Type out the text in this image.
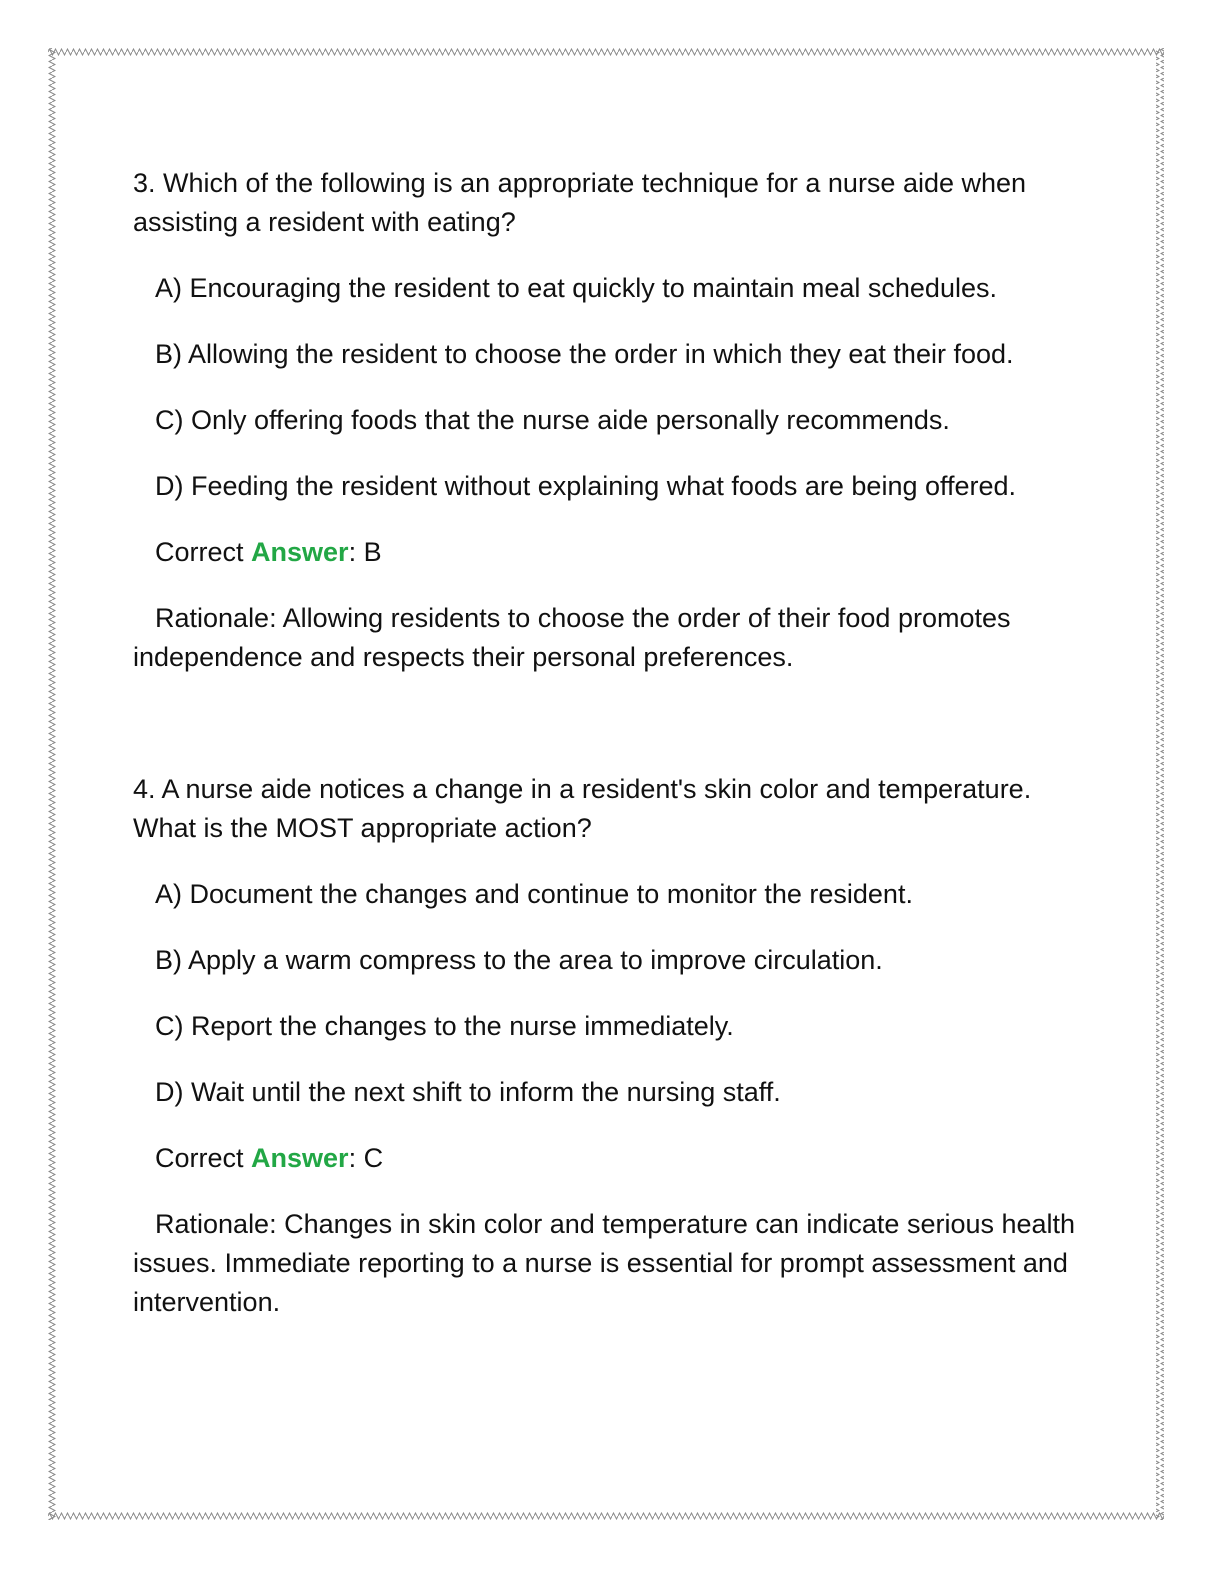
3. Which of the following is an appropriate technique for a nurse aide when assisting a resident with eating?

A) Encouraging the resident to eat quickly to maintain meal schedules.

B) Allowing the resident to choose the order in which they eat their food.

C) Only offering foods that the nurse aide personally recommends.

D) Feeding the resident without explaining what foods are being offered.

Correct Answer: B

Rationale: Allowing residents to choose the order of their food promotes independence and respects their personal preferences.

4. A nurse aide notices a change in a resident's skin color and temperature. What is the MOST appropriate action?

A) Document the changes and continue to monitor the resident.

B) Apply a warm compress to the area to improve circulation.

C) Report the changes to the nurse immediately.

D) Wait until the next shift to inform the nursing staff.

Correct Answer: C

Rationale: Changes in skin color and temperature can indicate serious health issues. Immediate reporting to a nurse is essential for prompt assessment and intervention.
